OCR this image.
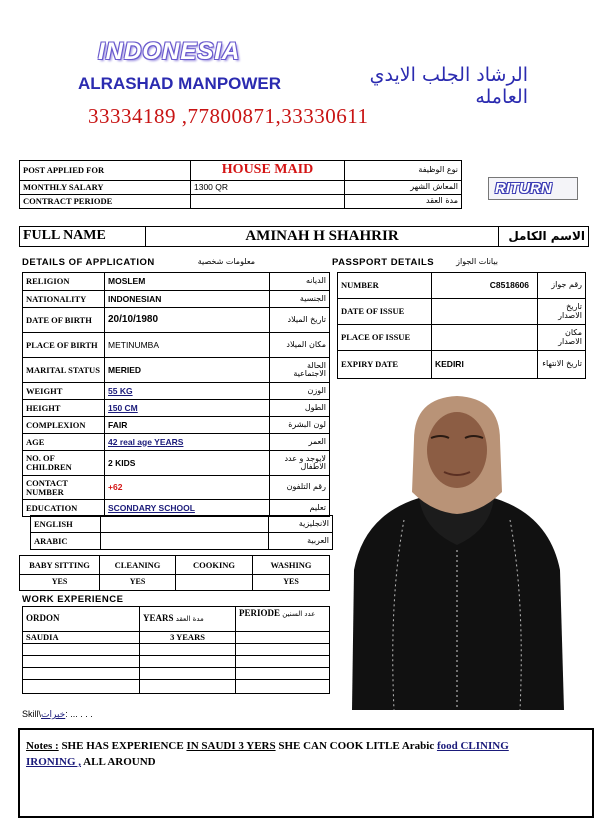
INDONESIA
ALRASHAD MANPOWER	الرشاد الجلب الايدي العامله
33334189 ,77800871,33330611
POST APPLIED FOR	HOUSE MAID	نوع الوظيفة
MONTHLY SALARY	1300 QR	المعاش الشهر
CONTRACT PERIODE		مدة العقد
RITURN
FULL NAME	AMINAH H SHAHRIR	الاسم الكامل
DETAILS OF APPLICATION	معلومات شخصية	PASSPORT DETAILS	بيانات الجواز
RELIGION	MOSLEM	الديانه
NATIONALITY	INDONESIAN	الجنسية
DATE OF BIRTH	20/10/1980	تاريخ الميلاد
PLACE OF BIRTH	METINUMBA	مكان الميلاد
MARITAL STATUS	MERIED	الحالة الاجتماعية
WEIGHT	55 KG	الوزن
HEIGHT	150 CM	الطول
COMPLEXION	FAIR	لون البشرة
AGE	42 real age YEARS	العمر
NO. OF CHILDREN	2 KIDS	لايوجد و عدد الاطفال
CONTACT NUMBER	+62	رقم التلفون
EDUCATION	SCONDARY SCHOOL	تعليم
ENGLISH		الانجليزية
ARABIC		العربية
NUMBER	C8518606	رقم جواز
DATE OF ISSUE		تاريخ الاصدار
PLACE OF ISSUE		مكان الاصدار
EXPIRY DATE	KEDIRI	تاريخ الانتهاء
BABY SITTING	CLEANING	COOKING	WASHING
YES	YES		YES
WORK EXPERIENCE
ORDON	YEARS مدة العقد	PERIODE عدد السنين
SAUDIA	3 YEARS	

Skill\خبرات: ... . . .
Notes : SHE HAS EXPERIENCE IN SAUDI 3 YERS SHE CAN COOK LITLE Arabic food CLINING
IRONING , ALL AROUND
